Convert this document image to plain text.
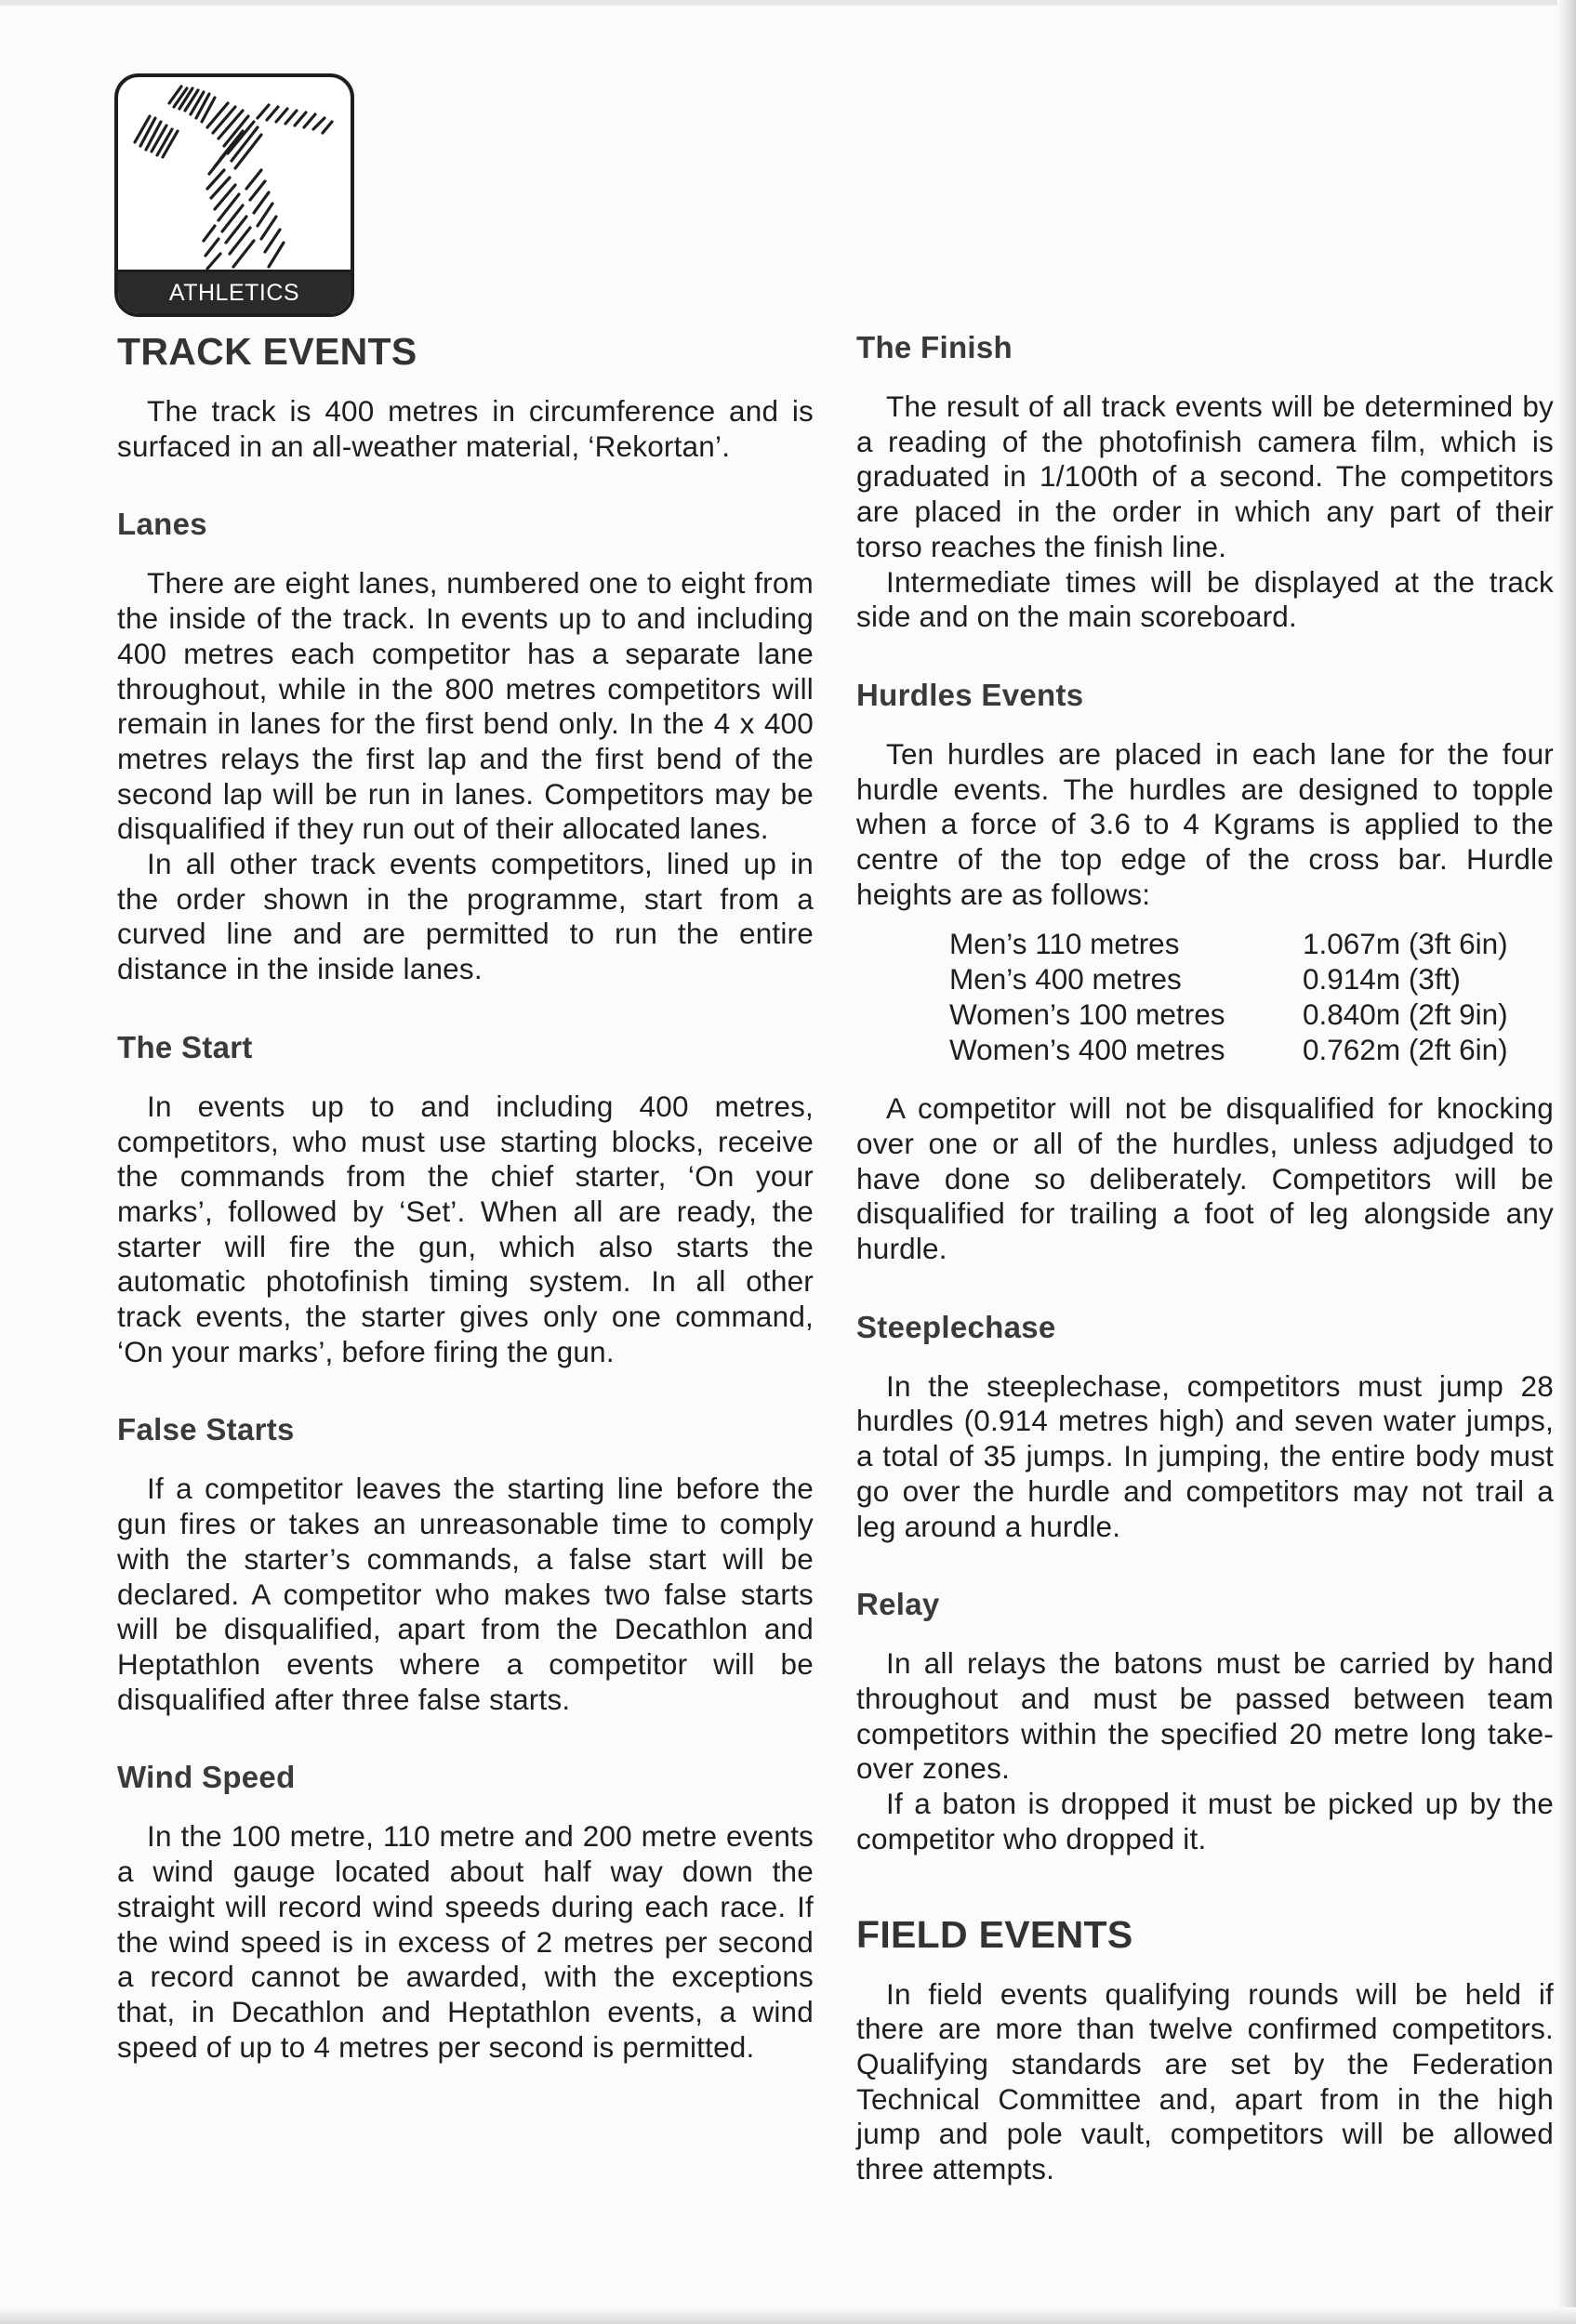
ATHLETICS
TRACK EVENTS

The track is 400 metres in circumference and is surfaced in an all-weather material, ‘Rekortan’.

Lanes

There are eight lanes, numbered one to eight from the inside of the track. In events up to and including 400 metres each competitor has a separate lane throughout, while in the 800 metres competitors will remain in lanes for the first bend only. In the 4 x 400 metres relays the first lap and the first bend of the second lap will be run in lanes. Competitors may be disqualified if they run out of their allocated lanes.

In all other track events competitors, lined up in the order shown in the programme, start from a curved line and are permitted to run the entire distance in the inside lanes.

The Start

In events up to and including 400 metres, competitors, who must use starting blocks, receive the commands from the chief starter, ‘On your marks’, followed by ‘Set’. When all are ready, the starter will fire the gun, which also starts the automatic photofinish timing system. In all other track events, the starter gives only one command, ‘On your marks’, before firing the gun.

False Starts

If a competitor leaves the starting line before the gun fires or takes an unreasonable time to comply with the starter’s commands, a false start will be declared. A competitor who makes two false starts will be disqualified, apart from the Decathlon and Heptathlon events where a competitor will be disqualified after three false starts.

Wind Speed

In the 100 metre, 110 metre and 200 metre events a wind gauge located about half way down the straight will record wind speeds during each race. If the wind speed is in excess of 2 metres per second a record cannot be awarded, with the exceptions that, in Decathlon and Heptathlon events, a wind speed of up to 4 metres per second is permitted.

The Finish

The result of all track events will be determined by a reading of the photofinish camera film, which is graduated in 1/100th of a second. The competitors are placed in the order in which any part of their torso reaches the finish line.

Intermediate times will be displayed at the track side and on the main scoreboard.

Hurdles Events

Ten hurdles are placed in each lane for the four hurdle events. The hurdles are designed to topple when a force of 3.6 to 4 Kgrams is applied to the centre of the top edge of the cross bar. Hurdle heights are as follows:

Men’s 110 metres	1.067m (3ft 6in)
Men’s 400 metres	0.914m (3ft)
Women’s 100 metres	0.840m (2ft 9in)
Women’s 400 metres	0.762m (2ft 6in)

A competitor will not be disqualified for knocking over one or all of the hurdles, unless adjudged to have done so deliberately. Competitors will be disqualified for trailing a foot of leg alongside any hurdle.

Steeplechase

In the steeplechase, competitors must jump 28 hurdles (0.914 metres high) and seven water jumps, a total of 35 jumps. In jumping, the entire body must go over the hurdle and competitors may not trail a leg around a hurdle.

Relay

In all relays the batons must be carried by hand throughout and must be passed between team competitors within the specified 20 metre long take-over zones.

If a baton is dropped it must be picked up by the competitor who dropped it.

FIELD EVENTS

In field events qualifying rounds will be held if there are more than twelve confirmed competitors. Qualifying standards are set by the Federation Technical Committee and, apart from in the high jump and pole vault, competitors will be allowed three attempts.
